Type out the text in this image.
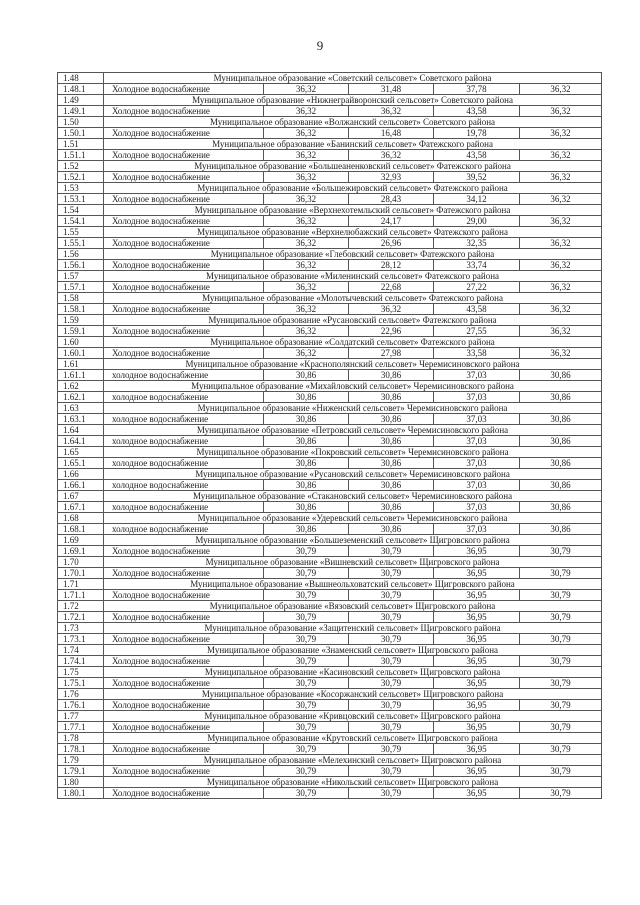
9
1.48	Муниципальное образование «Советский сельсовет» Советского района				
1.48.1	Холодное водоснабжение	36,32	31,48	37,78	36,32
1.49	Муниципальное образование «Нижнеграйворонский сельсовет» Советского района				
1.49.1	Холодное водоснабжение	36,32	36,32	43,58	36,32
1.50	Муниципальное образование «Волжанский сельсовет» Советского района				
1.50.1	Холодное водоснабжение	36,32	16,48	19,78	36,32
1.51	Муниципальное образование «Банинский сельсовет» Фатежского района				
1.51.1	Холодное водоснабжение	36,32	36,32	43,58	36,32
1.52	Муниципальное образование «Большеаненковский сельсовет» Фатежского района				
1.52.1	Холодное водоснабжение	36,32	32,93	39,52	36,32
1.53	Муниципальное образование «Большежировский сельсовет» Фатежского района				
1.53.1	Холодное водоснабжение	36,32	28,43	34,12	36,32
1.54	Муниципальное образование «Верхнехотемльский сельсовет» Фатежского района				
1.54.1	Холодное водоснабжение	36,32	24,17	29,00	36,32
1.55	Муниципальное образование «Верхнелюбажский сельсовет» Фатежского района				
1.55.1	Холодное водоснабжение	36,32	26,96	32,35	36,32
1.56	Муниципальное образование «Глебовский сельсовет» Фатежского района				
1.56.1	Холодное водоснабжение	36,32	28,12	33,74	36,32
1.57	Муниципальное образование «Миленинский сельсовет» Фатежского района				
1.57.1	Холодное водоснабжение	36,32	22,68	27,22	36,32
1.58	Муниципальное образование «Молотычевский сельсовет» Фатежского района				
1.58.1	Холодное водоснабжение	36,32	36,32	43,58	36,32
1.59	Муниципальное образование «Русановский сельсовет» Фатежского района				
1.59.1	Холодное водоснабжение	36,32	22,96	27,55	36,32
1.60	Муниципальное образование «Солдатский сельсовет» Фатежского района				
1.60.1	Холодное водоснабжение	36,32	27,98	33,58	36,32
1.61	Муниципальное образование «Краснополянский сельсовет» Черемисиновского района				
1.61.1	холодное водоснабжение	30,86	30,86	37,03	30,86
1.62	Муниципальное образование «Михайловский сельсовет» Черемисиновского района				
1.62.1	холодное водоснабжение	30,86	30,86	37,03	30,86
1.63	Муниципальное образование «Ниженский сельсовет» Черемисиновского района				
1.63.1	холодное водоснабжение	30,86	30,86	37,03	30,86
1.64	Муниципальное образование «Петровский сельсовет» Черемисиновского района				
1.64.1	холодное водоснабжение	30,86	30,86	37,03	30,86
1.65	Муниципальное образование «Покровский сельсовет» Черемисиновского района				
1.65.1	холодное водоснабжение	30,86	30,86	37,03	30,86
1.66	Муниципальное образование «Русановский сельсовет» Черемисиновского района				
1.66.1	холодное водоснабжение	30,86	30,86	37,03	30,86
1.67	Муниципальное образование «Стакановский сельсовет» Черемисиновского района				
1.67.1	холодное водоснабжение	30,86	30,86	37,03	30,86
1.68	Муниципальное образование «Удеревский сельсовет» Черемисиновского района				
1.68.1	холодное водоснабжение	30,86	30,86	37,03	30,86
1.69	Муниципальное образование «Большеземенский сельсовет» Щигровского района				
1.69.1	Холодное водоснабжение	30,79	30,79	36,95	30,79
1.70	Муниципальное образование «Вишневский сельсовет» Щигровского района				
1.70.1	Холодное водоснабжение	30,79	30,79	36,95	30,79
1.71	Муниципальное образование «Вышнеольховатский сельсовет» Щигровского района				
1.71.1	Холодное водоснабжение	30,79	30,79	36,95	30,79
1.72	Муниципальное образование «Вязовский сельсовет» Щигровского района				
1.72.1	Холодное водоснабжение	30,79	30,79	36,95	30,79
1.73	Муниципальное образование «Защитенский сельсовет» Щигровского района				
1.73.1	Холодное водоснабжение	30,79	30,79	36,95	30,79
1.74	Муниципальное образование «Знаменский сельсовет» Щигровского района				
1.74.1	Холодное водоснабжение	30,79	30,79	36,95	30,79
1.75	Муниципальное образование «Касиновский сельсовет» Щигровского района				
1.75.1	Холодное водоснабжение	30,79	30,79	36,95	30,79
1.76	Муниципальное образование «Косоржанский сельсовет» Щигровского района				
1.76.1	Холодное водоснабжение	30,79	30,79	36,95	30,79
1.77	Муниципальное образование «Кривцовский сельсовет» Щигровского района				
1.77.1	Холодное водоснабжение	30,79	30,79	36,95	30,79
1.78	Муниципальное образование «Крутовский сельсовет» Щигровского района				
1.78.1	Холодное водоснабжение	30,79	30,79	36,95	30,79
1.79	Муниципальное образование «Мелехинский сельсовет» Щигровского района				
1.79.1	Холодное водоснабжение	30,79	30,79	36,95	30,79
1.80	Муниципальное образование «Никольский сельсовет» Щигровского района				
1.80.1	Холодное водоснабжение	30,79	30,79	36,95	30,79
